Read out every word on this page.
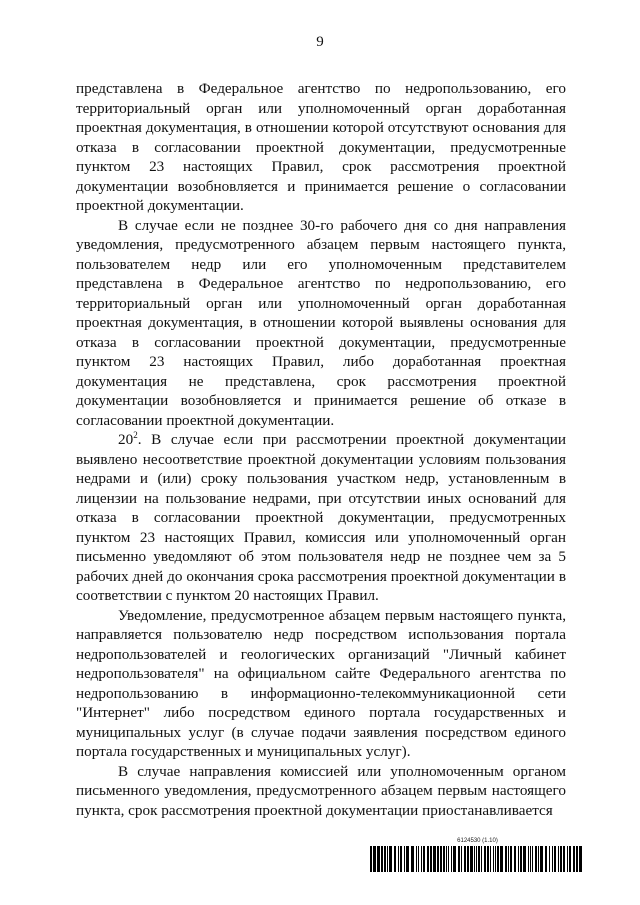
9

представлена в Федеральное агентство по недропользованию, его территориальный орган или уполномоченный орган доработанная проектная документация, в отношении которой отсутствуют основания для отказа в согласовании проектной документации, предусмотренные пунктом 23 настоящих Правил, срок рассмотрения проектной документации возобновляется и принимается решение о согласовании проектной документации.

В случае если не позднее 30-го рабочего дня со дня направления уведомления, предусмотренного абзацем первым настоящего пункта, пользователем недр или его уполномоченным представителем представлена в Федеральное агентство по недропользованию, его территориальный орган или уполномоченный орган доработанная проектная документация, в отношении которой выявлены основания для отказа в согласовании проектной документации, предусмотренные пунктом 23 настоящих Правил, либо доработанная проектная документация не представлена, срок рассмотрения проектной документации возобновляется и принимается решение об отказе в согласовании проектной документации.

$20^2$. В случае если при рассмотрении проектной документации выявлено несоответствие проектной документации условиям пользования недрами и (или) сроку пользования участком недр, установленным в лицензии на пользование недрами, при отсутствии иных оснований для отказа в согласовании проектной документации, предусмотренных пунктом 23 настоящих Правил, комиссия или уполномоченный орган письменно уведомляют об этом пользователя недр не позднее чем за 5 рабочих дней до окончания срока рассмотрения проектной документации в соответствии с пунктом 20 настоящих Правил.

Уведомление, предусмотренное абзацем первым настоящего пункта, направляется пользователю недр посредством использования портала недропользователей и геологических организаций "Личный кабинет недропользователя" на официальном сайте Федерального агентства по недропользованию в информационно-телекоммуникационной сети "Интернет" либо посредством единого портала государственных и муниципальных услуг (в случае подачи заявления посредством единого портала государственных и муниципальных услуг).

В случае направления комиссией или уполномоченным органом письменного уведомления, предусмотренного абзацем первым настоящего пункта, срок рассмотрения проектной документации приостанавливается

6124530 (1.10)
